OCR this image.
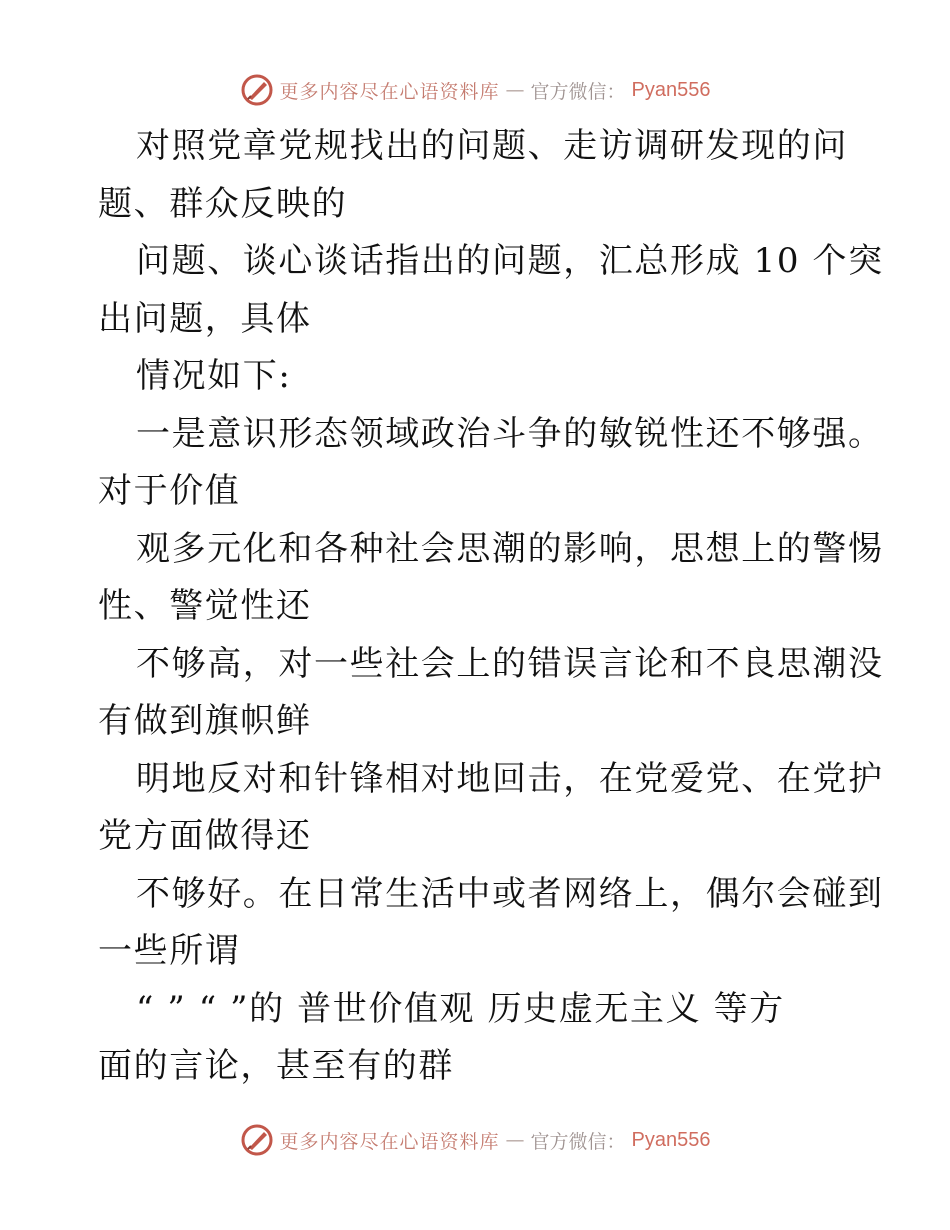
更多内容尽在心语资料库 — 官方微信： Pyan556
对照党章党规找出的问题、走访调研发现的问
题、群众反映的
问题、谈心谈话指出的问题，汇总形成 10 个突
出问题，具体
情况如下:
一是意识形态领域政治斗争的敏锐性还不够强。
对于价值
观多元化和各种社会思潮的影响，思想上的警惕
性、警觉性还
不够高，对一些社会上的错误言论和不良思潮没
有做到旗帜鲜
明地反对和针锋相对地回击，在党爱党、在党护
党方面做得还
不够好。在日常生活中或者网络上，偶尔会碰到
一些所谓
“ ” “ ”的 普世价值观 历史虚无主义 等方
面的言论，甚至有的群
更多内容尽在心语资料库 — 官方微信： Pyan556
